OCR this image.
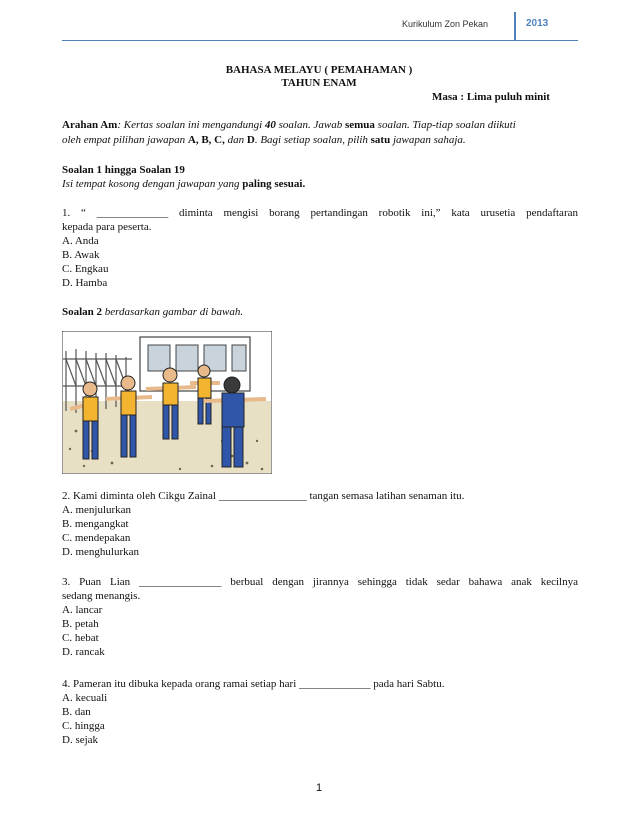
Kurikulum Zon Pekan	2013
BAHASA MELAYU ( PEMAHAMAN )
TAHUN ENAM
Masa : Lima puluh minit
Arahan Am: Kertas soalan ini mengandungi 40 soalan. Jawab semua soalan. Tiap-tiap soalan diikuti
oleh empat pilihan jawapan A, B, C, dan D. Bagi setiap soalan, pilih satu jawapan sahaja.
Soalan 1 hingga Soalan 19
Isi tempat kosong dengan jawapan yang paling sesuai.
1. “ _____________ diminta mengisi borang pertandingan robotik ini,” kata urusetia pendaftaran
kepada para peserta.
A. Anda
B. Awak
C. Engkau
D. Hamba
Soalan 2 berdasarkan gambar di bawah.
2. Kami diminta oleh Cikgu Zainal ________________ tangan semasa latihan senaman itu.
A. menjulurkan
B. mengangkat
C. mendepakan
D. menghulurkan
3. Puan Lian _______________ berbual dengan jirannya sehingga tidak sedar bahawa anak kecilnya
sedang menangis.
A. lancar
B. petah
C. hebat
D. rancak
4. Pameran itu dibuka kepada orang ramai setiap hari _____________ pada hari Sabtu.
A. kecuali
B. dan
C. hingga
D. sejak
1
